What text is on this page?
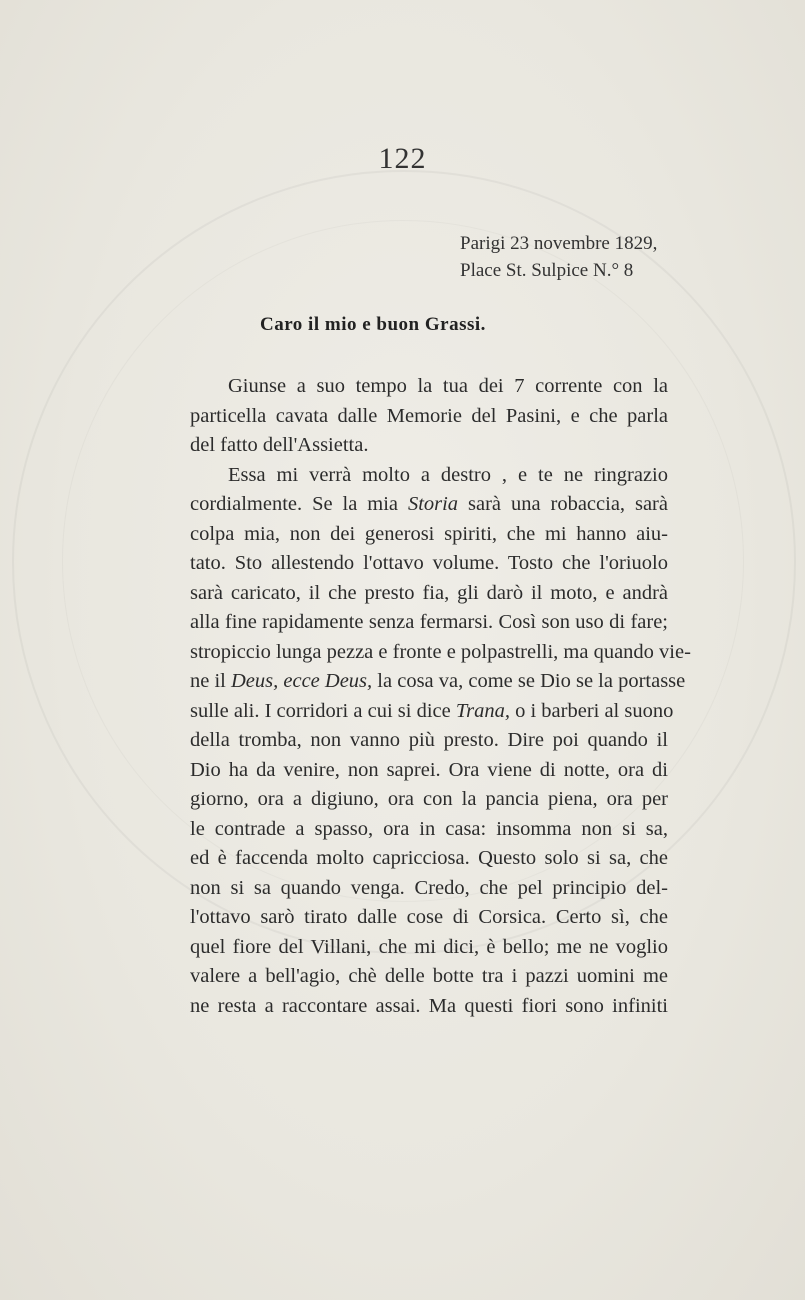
122
Parigi 23 novembre 1829,
Place St. Sulpice N.° 8
Caro il mio e buon Grassi.
Giunse a suo tempo la tua dei 7 corrente con la
particella cavata dalle Memorie del Pasini, e che parla
del fatto dell'Assietta.
Essa mi verrà molto a destro , e te ne ringrazio
cordialmente. Se la mia Storia sarà una robaccia, sarà
colpa mia, non dei generosi spiriti, che mi hanno aiu-
tato. Sto allestendo l'ottavo volume. Tosto che l'oriuolo
sarà caricato, il che presto fia, gli darò il moto, e andrà
alla fine rapidamente senza fermarsi. Così son uso di fare;
stropiccio lunga pezza e fronte e polpastrelli, ma quando vie-
ne il Deus, ecce Deus, la cosa va, come se Dio se la portasse
sulle ali. I corridori a cui si dice Trana, o i barberi al suono
della tromba, non vanno più presto. Dire poi quando il
Dio ha da venire, non saprei. Ora viene di notte, ora di
giorno, ora a digiuno, ora con la pancia piena, ora per
le contrade a spasso, ora in casa: insomma non si sa,
ed è faccenda molto capricciosa. Questo solo si sa, che
non si sa quando venga. Credo, che pel principio del-
l'ottavo sarò tirato dalle cose di Corsica. Certo sì, che
quel fiore del Villani, che mi dici, è bello; me ne voglio
valere a bell'agio, chè delle botte tra i pazzi uomini me
ne resta a raccontare assai. Ma questi fiori sono infiniti
